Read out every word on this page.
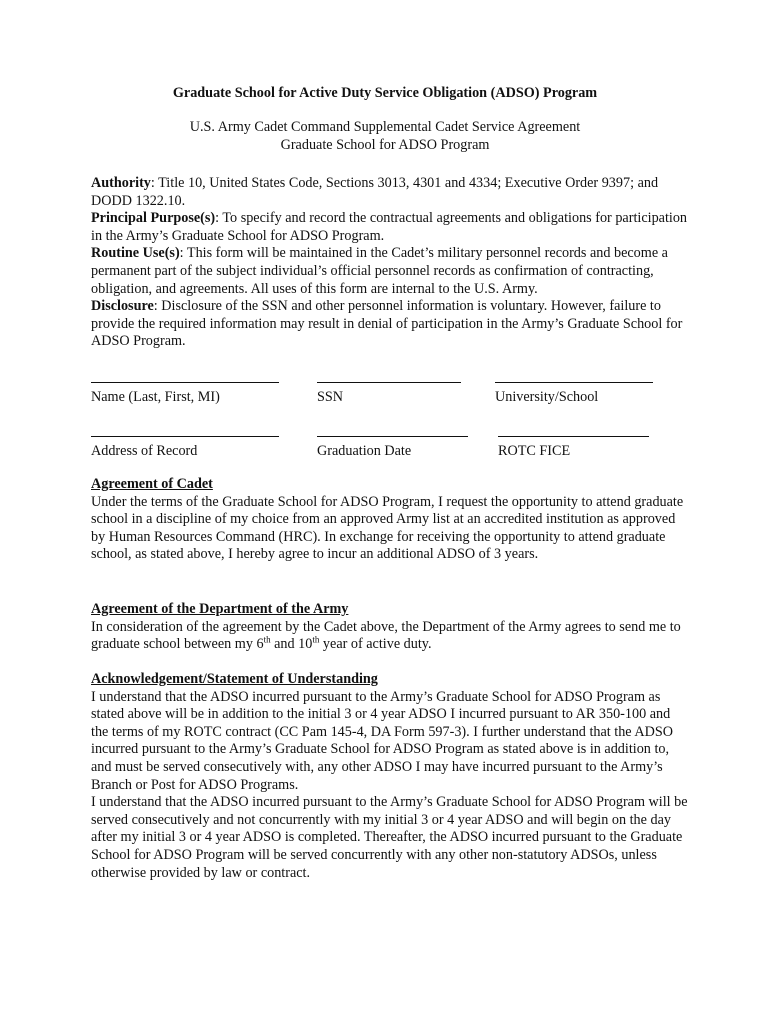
Graduate School for Active Duty Service Obligation (ADSO) Program
U.S. Army Cadet Command Supplemental Cadet Service Agreement
Graduate School for ADSO Program

Authority: Title 10, United States Code, Sections 3013, 4301 and 4334; Executive Order 9397; and DODD 1322.10.

Principal Purpose(s): To specify and record the contractual agreements and obligations for participation in the Army’s Graduate School for ADSO Program.

Routine Use(s): This form will be maintained in the Cadet’s military personnel records and become a permanent part of the subject individual’s official personnel records as confirmation of contracting, obligation, and agreements. All uses of this form are internal to the U.S. Army.

Disclosure: Disclosure of the SSN and other personnel information is voluntary. However, failure to provide the required information may result in denial of participation in the Army’s Graduate School for ADSO Program.

Name (Last, First, MI)	SSN	University/School
Address of Record	Graduation Date	ROTC FICE

Agreement of Cadet

Under the terms of the Graduate School for ADSO Program, I request the opportunity to attend graduate school in a discipline of my choice from an approved Army list at an accredited institution as approved by Human Resources Command (HRC). In exchange for receiving the opportunity to attend graduate school, as stated above, I hereby agree to incur an additional ADSO of 3 years.

Agreement of the Department of the Army

In consideration of the agreement by the Cadet above, the Department of the Army agrees to send me to graduate school between my 6th and 10th year of active duty.

Acknowledgement/Statement of Understanding

I understand that the ADSO incurred pursuant to the Army’s Graduate School for ADSO Program as stated above will be in addition to the initial 3 or 4 year ADSO I incurred pursuant to AR 350-100 and the terms of my ROTC contract (CC Pam 145-4, DA Form 597-3). I further understand that the ADSO incurred pursuant to the Army’s Graduate School for ADSO Program as stated above is in addition to, and must be served consecutively with, any other ADSO I may have incurred pursuant to the Army’s Branch or Post for ADSO Programs.

I understand that the ADSO incurred pursuant to the Army’s Graduate School for ADSO Program will be served consecutively and not concurrently with my initial 3 or 4 year ADSO and will begin on the day after my initial 3 or 4 year ADSO is completed. Thereafter, the ADSO incurred pursuant to the Graduate School for ADSO Program will be served concurrently with any other non-statutory ADSOs, unless otherwise provided by law or contract.
